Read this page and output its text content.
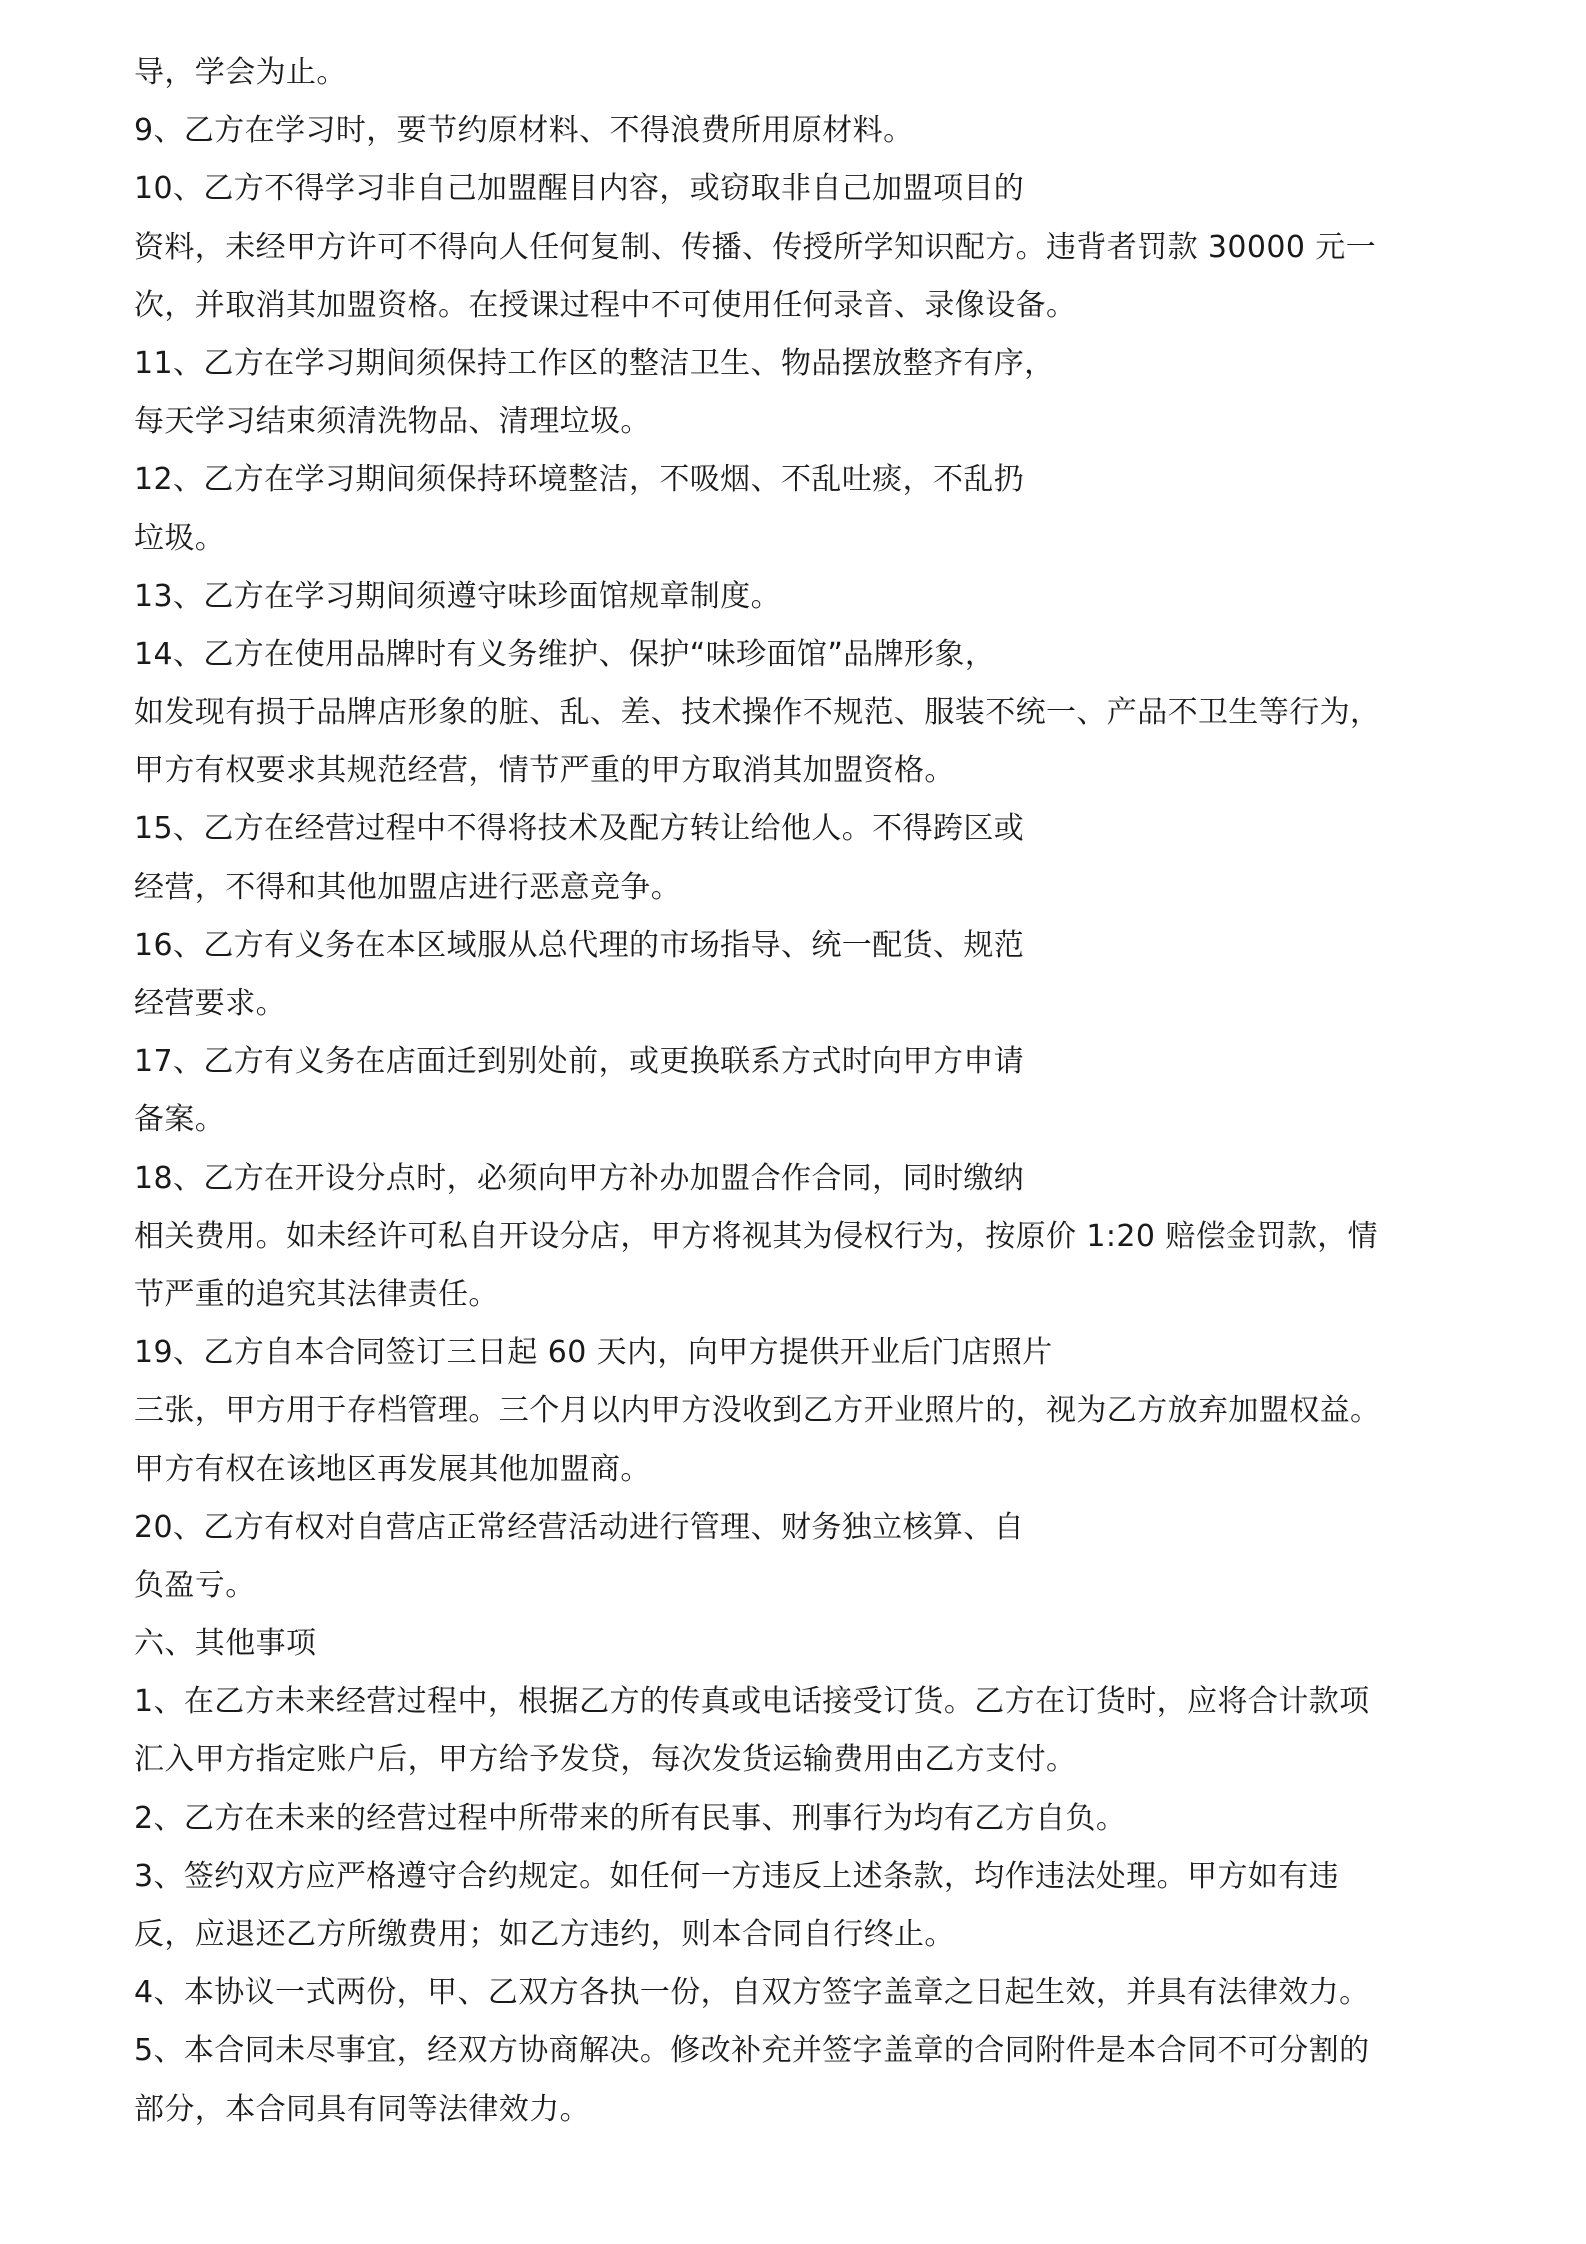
导，学会为止。
9、乙方在学习时，要节约原材料、不得浪费所用原材料。
10、乙方不得学习非自己加盟醒目内容，或窃取非自己加盟项目的
资料，未经甲方许可不得向人任何复制、传播、传授所学知识配方。违背者罚款 30000 元一
次，并取消其加盟资格。在授课过程中不可使用任何录音、录像设备。
11、乙方在学习期间须保持工作区的整洁卫生、物品摆放整齐有序，
每天学习结束须清洗物品、清理垃圾。
12、乙方在学习期间须保持环境整洁，不吸烟、不乱吐痰，不乱扔
垃圾。
13、乙方在学习期间须遵守味珍面馆规章制度。
14、乙方在使用品牌时有义务维护、保护“味珍面馆”品牌形象，
如发现有损于品牌店形象的脏、乱、差、技术操作不规范、服装不统一、产品不卫生等行为，
甲方有权要求其规范经营，情节严重的甲方取消其加盟资格。
15、乙方在经营过程中不得将技术及配方转让给他人。不得跨区或
经营，不得和其他加盟店进行恶意竞争。
16、乙方有义务在本区域服从总代理的市场指导、统一配货、规范
经营要求。
17、乙方有义务在店面迁到别处前，或更换联系方式时向甲方申请
备案。
18、乙方在开设分点时，必须向甲方补办加盟合作合同，同时缴纳
相关费用。如未经许可私自开设分店，甲方将视其为侵权行为，按原价 1:20 赔偿金罚款，情
节严重的追究其法律责任。
19、乙方自本合同签订三日起 60 天内，向甲方提供开业后门店照片
三张，甲方用于存档管理。三个月以内甲方没收到乙方开业照片的，视为乙方放弃加盟权益。
甲方有权在该地区再发展其他加盟商。
20、乙方有权对自营店正常经营活动进行管理、财务独立核算、自
负盈亏。
六、其他事项
1、在乙方未来经营过程中，根据乙方的传真或电话接受订货。乙方在订货时，应将合计款项
汇入甲方指定账户后，甲方给予发贷，每次发货运输费用由乙方支付。
2、乙方在未来的经营过程中所带来的所有民事、刑事行为均有乙方自负。
3、签约双方应严格遵守合约规定。如任何一方违反上述条款，均作违法处理。甲方如有违
反，应退还乙方所缴费用；如乙方违约，则本合同自行终止。
4、本协议一式两份，甲、乙双方各执一份，自双方签字盖章之日起生效，并具有法律效力。
5、本合同未尽事宜，经双方协商解决。修改补充并签字盖章的合同附件是本合同不可分割的
部分，本合同具有同等法律效力。
